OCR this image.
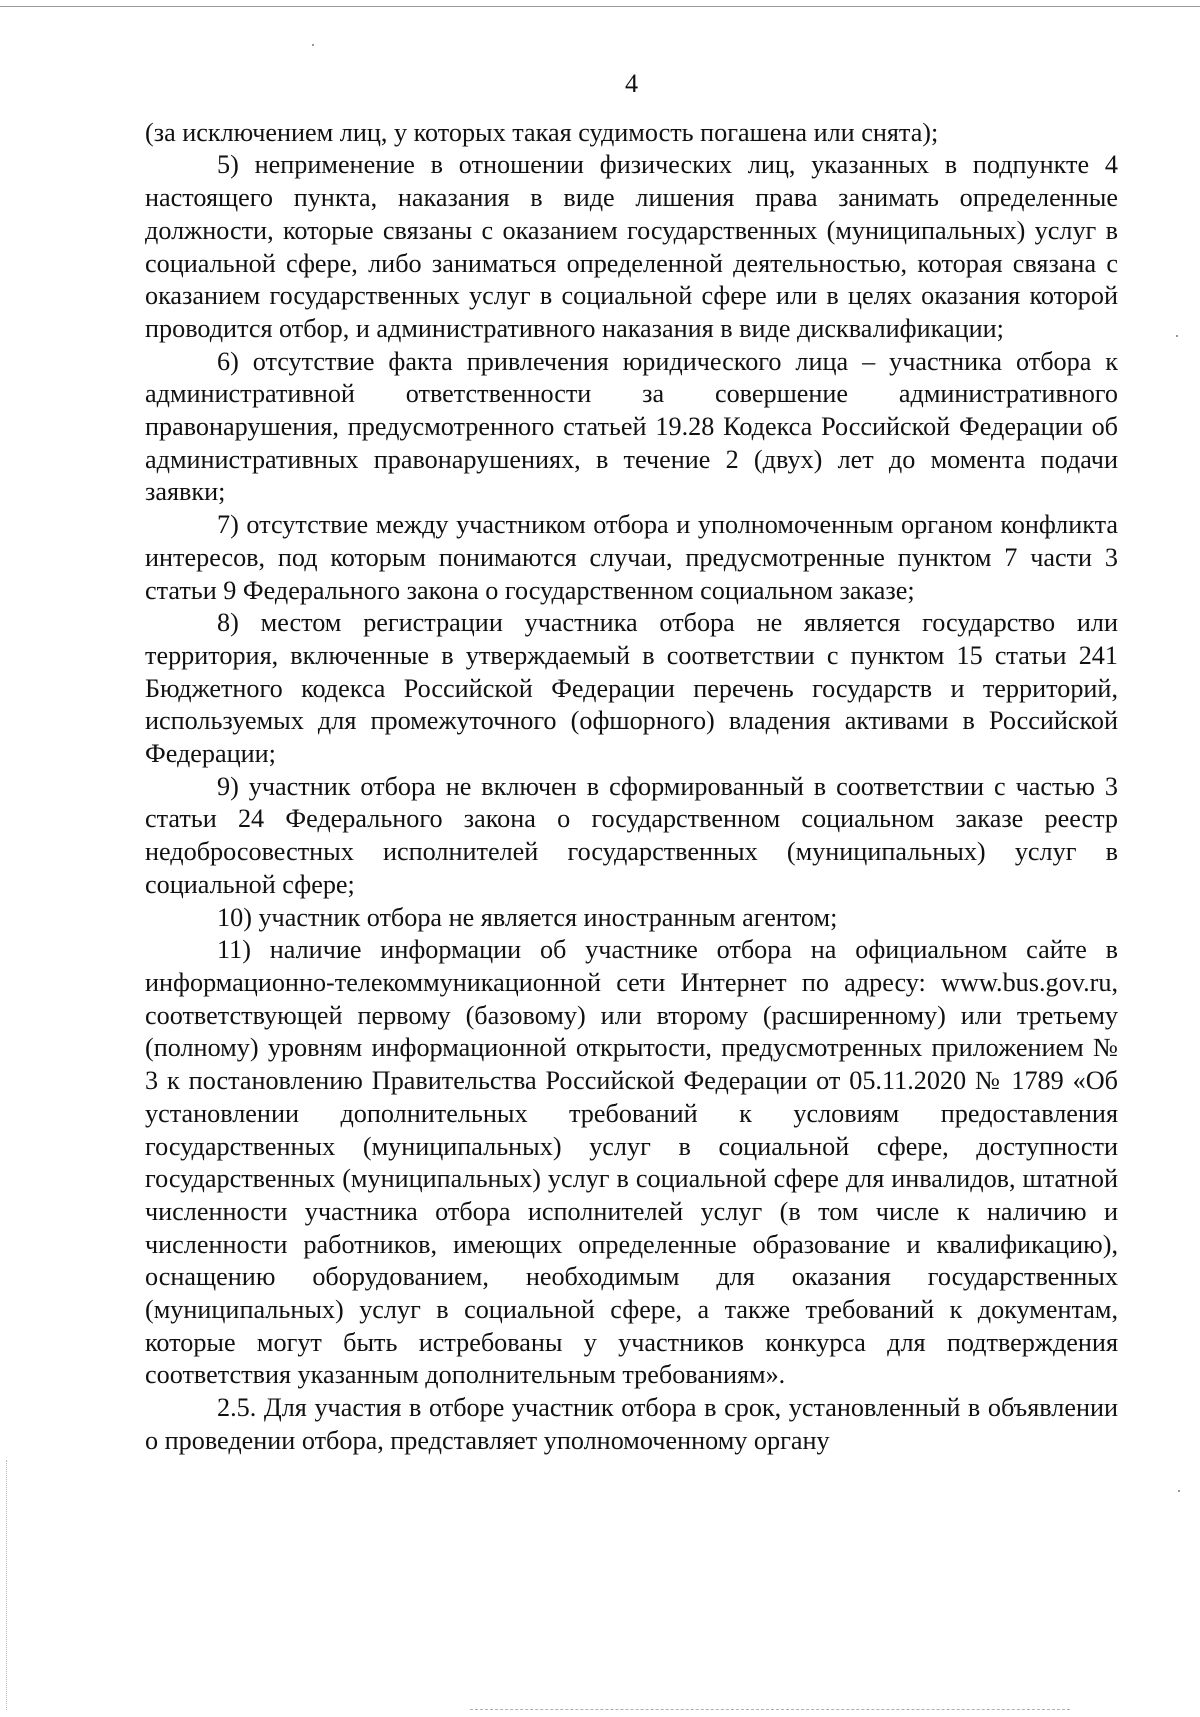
4

(за исключением лиц, у которых такая судимость погашена или снята);

5) неприменение в отношении физических лиц, указанных в подпункте 4 настоящего пункта, наказания в виде лишения права занимать определенные должности, которые связаны с оказанием государственных (муниципальных) услуг в социальной сфере, либо заниматься определенной деятельностью, которая связана с оказанием государственных услуг в социальной сфере или в целях оказания которой проводится отбор, и административного наказания в виде дисквалификации;

6) отсутствие факта привлечения юридического лица – участника отбора к административной ответственности за совершение административного правонарушения, предусмотренного статьей 19.28 Кодекса Российской Федерации об административных правонарушениях, в течение 2 (двух) лет до момента подачи заявки;

7) отсутствие между участником отбора и уполномоченным органом конфликта интересов, под которым понимаются случаи, предусмотренные пунктом 7 части 3 статьи 9 Федерального закона о государственном социальном заказе;

8) местом регистрации участника отбора не является государство или территория, включенные в утверждаемый в соответствии с пунктом 15 статьи 241 Бюджетного кодекса Российской Федерации перечень государств и территорий, используемых для промежуточного (офшорного) владения активами в Российской Федерации;

9) участник отбора не включен в сформированный в соответствии с частью 3 статьи 24 Федерального закона о государственном социальном заказе реестр недобросовестных исполнителей государственных (муниципальных) услуг в социальной сфере;

10) участник отбора не является иностранным агентом;

11) наличие информации об участнике отбора на официальном сайте в информационно-телекоммуникационной сети Интернет по адресу: www.bus.gov.ru, соответствующей первому (базовому) или второму (расширенному) или третьему (полному) уровням информационной открытости, предусмотренных приложением № 3 к постановлению Правительства Российской Федерации от 05.11.2020 № 1789 «Об установлении дополнительных требований к условиям предоставления государственных (муниципальных) услуг в социальной сфере, доступности государственных (муниципальных) услуг в социальной сфере для инвалидов, штатной численности участника отбора исполнителей услуг (в том числе к наличию и численности работников, имеющих определенные образование и квалификацию), оснащению оборудованием, необходимым для оказания государственных (муниципальных) услуг в социальной сфере, а также требований к документам, которые могут быть истребованы у участников конкурса для подтверждения соответствия указанным дополнительным требованиям».

2.5. Для участия в отборе участник отбора в срок, установленный в объявлении о проведении отбора, представляет уполномоченному органу
